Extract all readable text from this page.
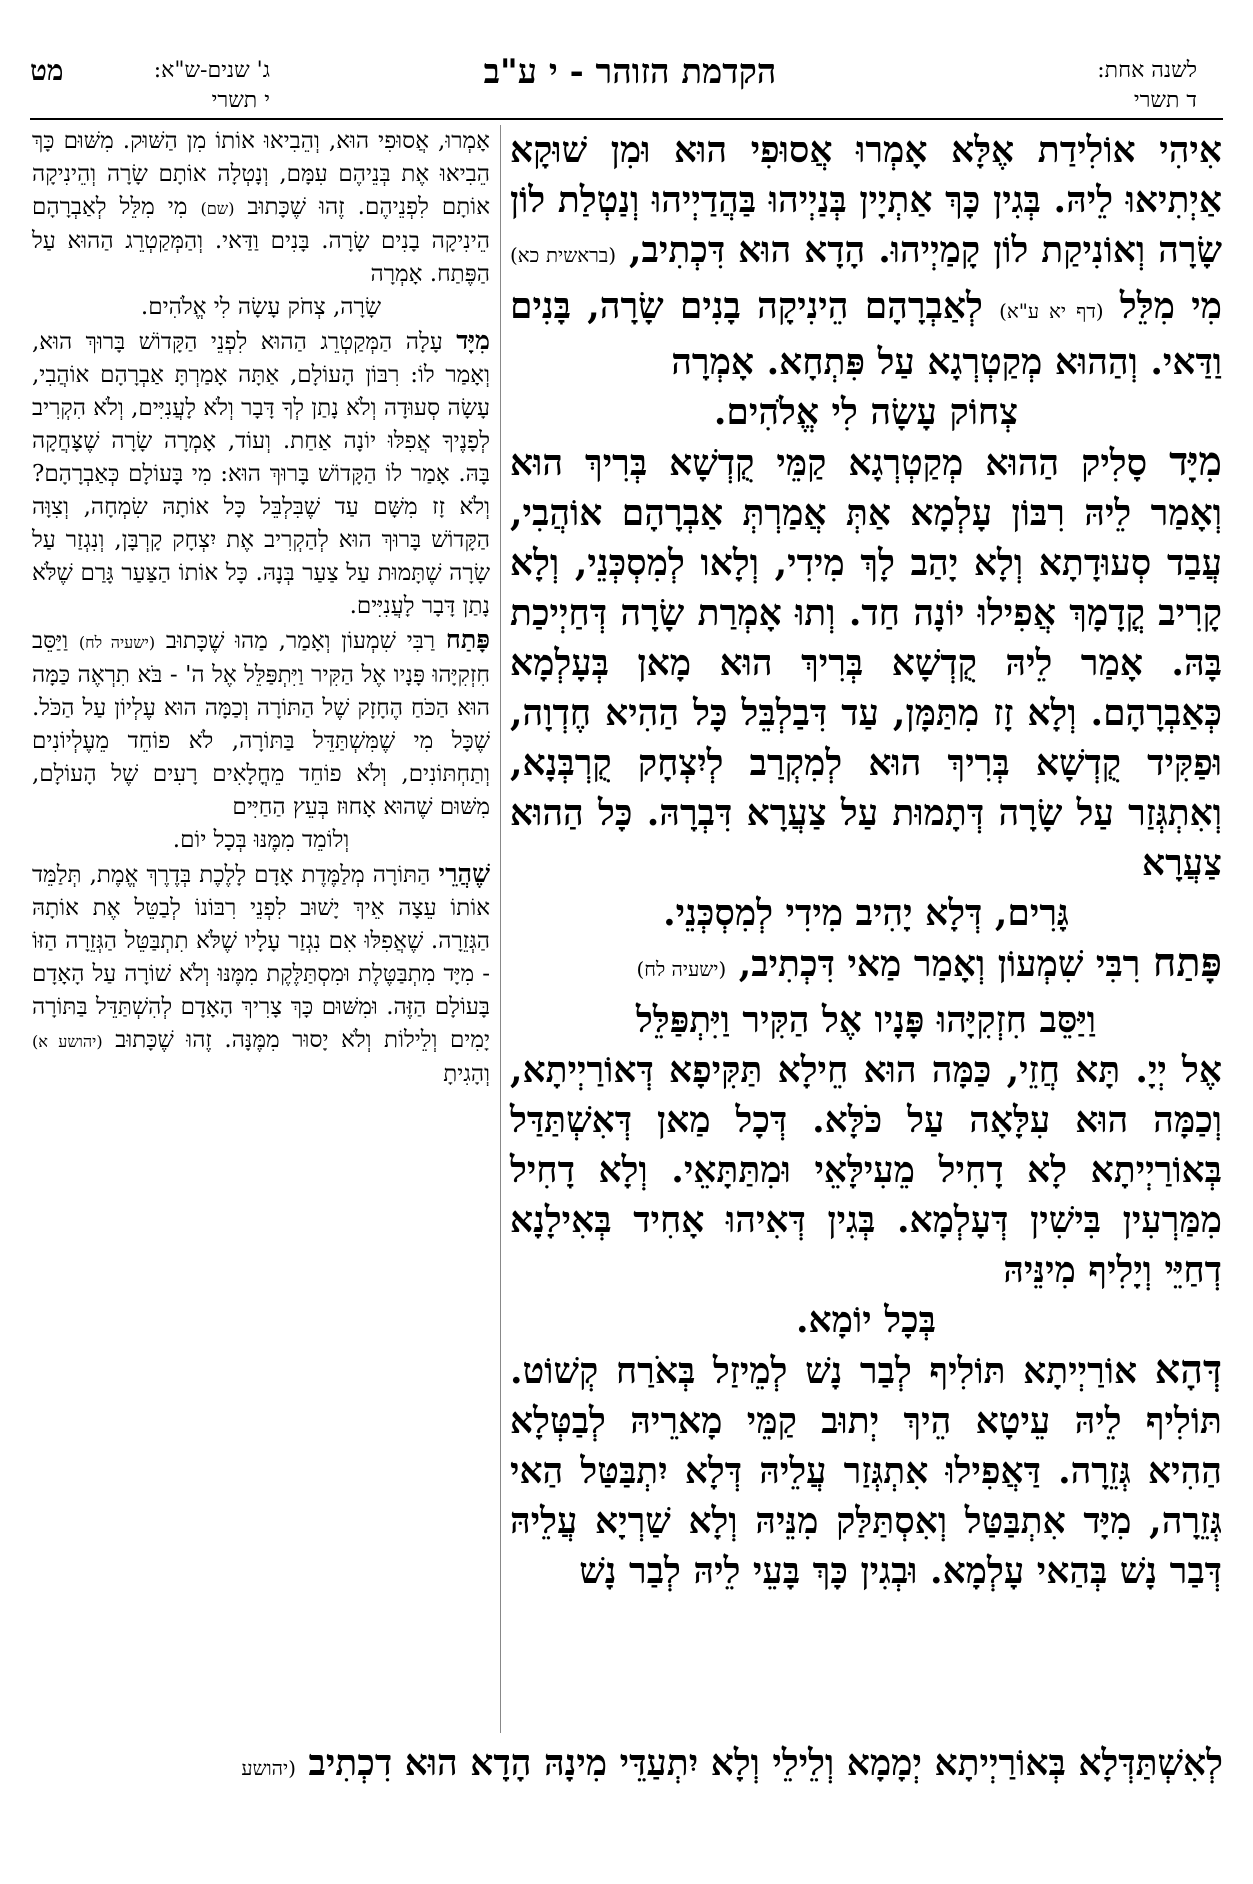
הקדמת הזוהר - י ע"ב	לשנה אחת:
ד תשרי
מט	ג' שנים-ש"א:
י תשרי

אִיהִי אוֹלִידַת אֶלָּא אָמְרוּ אֲסוּפִי הוּא וּמִן שׁוּקָא אַיְתִיאוּ לֵיהּ. בְּגִין כָּךְ אַתְיָין בְּנַיְיהוּ בַּהֲדַיְיהוּ וְנַטְלַת לוֹן שָׂרָה וְאוֹנִיקַת לוֹן קָמַיְיהוּ. הָדָא הוּא דִּכְתִיב, (בראשית כא) מִי מִלֵּל (דף יא ע"א) לְאַבְרָהָם הֵינִיקָה בָנִים שָׂרָה, בָּנִים וַדַּאי. וְהַהוּא מְקַטְרְגָא עַל פִּתְחָא. אָמְרָה

צְחוֹק עָשָׂה לִי אֱלֹהִים.

מִיָּד סָלִיק הַהוּא מְקַטְרְגָא קַמֵּי קֻדְשָׁא בְּרִיךְ הוּא וְאָמַר לֵיהּ רִבּוֹן עָלְמָא אַתְּ אֲמַרְתְּ אַבְרָהָם אוֹהֲבִי, עֲבַד סְעוּדָתָא וְלָא יָהַב לָךְ מִידִי, וְלָאו לְמִסְכְּנֵי, וְלָא קָרִיב קֳדָמָךְ אֲפִילוּ יוֹנָה חַד. וְתוּ אָמְרַת שָׂרָה דְּחַיְיכַת בָּהּ. אָמַר לֵיהּ קֻדְשָׁא בְּרִיךְ הוּא מָאן בְּעָלְמָא כְּאַבְרָהָם. וְלָא זָז מִתַּמָּן, עַד דִּבַלְבֵּל כָּל הַהִיא חֶדְוָה, וּפַקִּיד קֻדְשָׁא בְּרִיךְ הוּא לְמִקְרַב לְיִצְחָק קֻרְבְּנָא, וְאִתְגְּזַר עַל שָׂרָה דְּתָמוּת עַל צַעֲרָא דִּבְרָהּ. כָּל הַהוּא צַעֲרָא

גָּרִים, דְּלָא יָהִיב מִידִי לְמִסְכְּנֵי.

פָּתַח רִבִּי שִׁמְעוֹן וְאָמַר מַאי דִּכְתִיב, (ישעיה לח)

וַיַּסֵּב חִזְקִיָּהוּ פָּנָיו אֶל הַקִּיר וַיִּתְפַּלֵּל

אֶל יְיָ. תָּא חֲזֵי, כַּמָּה הוּא חֵילָא תַּקִּיפָא דְּאוֹרַיְיתָא, וְכַמָּה הוּא עִלָּאָה עַל כֹּלָּא. דְּכָל מַאן דְּאִשְׁתַּדַּל בְּאוֹרַיְיתָא לָא דָחִיל מֵעִילָּאֵי וּמִתַּתָּאֵי. וְלָא דָחִיל מִמַּרְעִין בִּישִׁין דְּעָלְמָא. בְּגִין דְּאִיהוּ אָחִיד בְּאִילָנָא דְחַיֵּי וְיָלִיף מִינֵּיהּ

בְּכָל יוֹמָא.

דְּהָא אוֹרַיְיתָא תּוֹלִיף לְבַר נָשׁ לְמֵיזַל בְּאֹרַח קְשׁוֹט. תּוֹלִיף לֵיהּ עֵיטָא הֵיךְ יְתוּב קַמֵּי מָארֵיהּ לְבַטְּלָא הַהִיא גְּזֵרָה. דַּאֲפִילוּ אִתְגְּזַר עֲלֵיהּ דְּלָא יִתְבַּטַּל הַאי גְּזֵרָה, מִיָּד אִתְבַּטַּל וְאִסְתַּלַּק מִנֵּיהּ וְלָא שַׁרְיָא עֲלֵיהּ דְּבַר נָשׁ בְּהַאי עָלְמָא. וּבְגִין כָּךְ בָּעֵי לֵיהּ לְבַר נָשׁ

אָמְרוּ, אֲסוּפִי הוּא, וְהֵבִיאוּ אוֹתוֹ מִן הַשּׁוּק. מִשּׁוּם כָּךְ הֵבִיאוּ אֶת בְּנֵיהֶם עִמָּם, וְנָטְלָה אוֹתָם שָׂרָה וְהֵינִיקָה אוֹתָם לִפְנֵיהֶם. זֶהוּ שֶׁכָּתוּב (שם) מִי מִלֵּל לְאַבְרָהָם הֵינִיקָה בָנִים שָׂרָה. בָּנִים וַדַּאי. וְהַמְּקַטְרֵג הַהוּא עַל הַפֶּתַח. אָמְרָה

שָׂרָה, צְחֹק עָשָׂה לִי אֱלֹהִים.

מִיָּד עָלָה הַמְּקַטְרֵג הַהוּא לִפְנֵי הַקָּדוֹשׁ בָּרוּךְ הוּא, וְאָמַר לוֹ: רִבּוֹן הָעוֹלָם, אַתָּה אָמַרְתָּ אַבְרָהָם אוֹהֲבִי, עָשָׂה סְעוּדָה וְלֹא נָתַן לְךָ דָּבָר וְלֹא לָעֲנִיִּים, וְלֹא הִקְרִיב לְפָנֶיךָ אֲפִלּוּ יוֹנָה אַחַת. וְעוֹד, אָמְרָה שָׂרָה שֶׁצָּחֲקָה בָּהּ. אָמַר לוֹ הַקָּדוֹשׁ בָּרוּךְ הוּא: מִי בָּעוֹלָם כְּאַבְרָהָם? וְלֹא זָז מִשָּׁם עַד שֶׁבִּלְבֵּל כָּל אוֹתָהּ שִׂמְחָה, וְצִוָּה הַקָּדוֹשׁ בָּרוּךְ הוּא לְהַקְרִיב אֶת יִצְחָק קָרְבָּן, וְנִגְזַר עַל שָׂרָה שֶׁתָּמוּת עַל צַעַר בְּנָהּ. כָּל אוֹתוֹ הַצַּעַר גָּרַם שֶׁלֹּא נָתַן דָּבָר לָעֲנִיִּים.

פָּתַח רַבִּי שִׁמְעוֹן וְאָמַר, מַהוּ שֶׁכָּתוּב (ישעיה לח) וַיַּסֵּב חִזְקִיָּהוּ פָּנָיו אֶל הַקִּיר וַיִּתְפַּלֵּל אֶל ה' - בֹּא תִרְאֶה כַּמָּה הוּא הַכֹּחַ הֶחָזָק שֶׁל הַתּוֹרָה וְכַמָּה הוּא עֶלְיוֹן עַל הַכֹּל. שֶׁכָּל מִי שֶׁמִּשְׁתַּדֵּל בַּתּוֹרָה, לֹא פוֹחֵד מֵעֶלְיוֹנִים וְתַחְתּוֹנִים, וְלֹא פוֹחֵד מֵחֳלָאִים רָעִים שֶׁל הָעוֹלָם, מִשּׁוּם שֶׁהוּא אָחוּז בְּעֵץ הַחַיִּים

וְלוֹמֵד מִמֶּנּוּ בְּכָל יוֹם.

שֶׁהֲרֵי הַתּוֹרָה מְלַמֶּדֶת אָדָם לָלֶכֶת בְּדֶרֶךְ אֱמֶת, תְּלַמֵּד אוֹתוֹ עֵצָה אֵיךְ יָשׁוּב לִפְנֵי רִבּוֹנוֹ לְבַטֵּל אֶת אוֹתָהּ הַגְּזֵרָה. שֶׁאֲפִלּוּ אִם נִגְזַר עָלָיו שֶׁלֹּא תִתְבַּטֵּל הַגְּזֵרָה הַזּוֹ - מִיָּד מִתְבַּטֶּלֶת וּמִסְתַּלֶּקֶת מִמֶּנּוּ וְלֹא שׁוֹרָה עַל הָאָדָם בָּעוֹלָם הַזֶּה. וּמִשּׁוּם כָּךְ צָרִיךְ הָאָדָם לְהִשְׁתַּדֵּל בַּתּוֹרָה יָמִים וְלֵילוֹת וְלֹא יָסוּר מִמֶּנָּה. זֶהוּ שֶׁכָּתוּב (יהושע א) וְהָגִיתָ

לְאִשְׁתַּדְּלָא בְּאוֹרַיְיתָא יְמָמָא וְלֵילֵי וְלָא יִתְעַדֵּי מִינָהּ הָדָא הוּא דִכְתִיב (יהושע
